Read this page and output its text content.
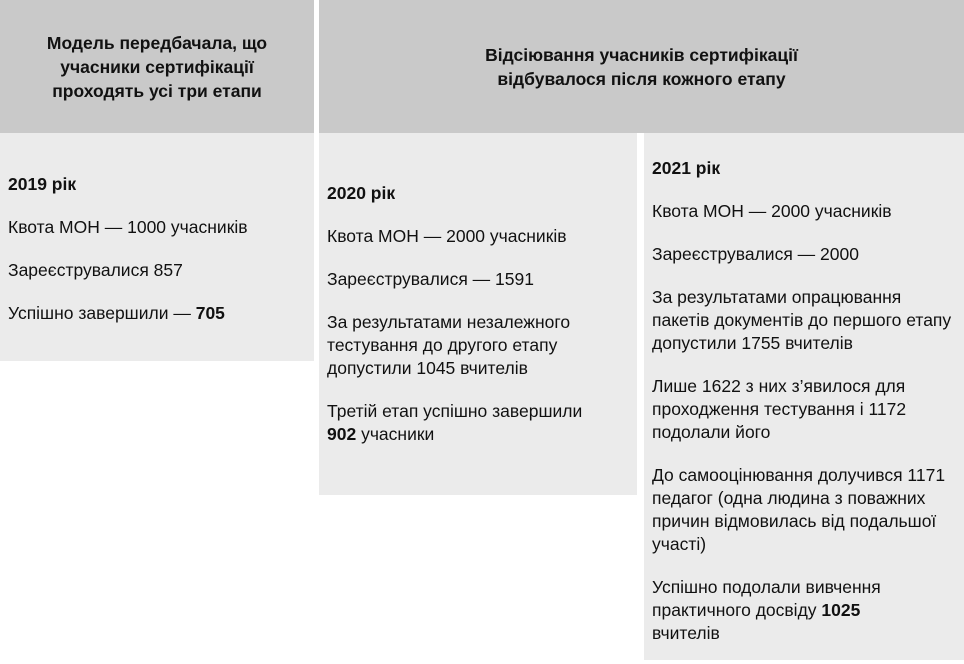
Модель передбачала, що учасники сертифікації проходять усі три етапи
Відсіювання учасників сертифікації відбувалося після кожного етапу

2019 рік

Квота МОН — 1000 учасників

Зареєструвалися 857

Успішно завершили — 705

2020 рік

Квота МОН — 2000 учасників

Зареєструвалися — 1591

За результатами незалежного тестування до другого етапу допустили 1045 вчителів

Третій етап успішно завершили
902 учасники

2021 рік

Квота МОН — 2000 учасників

Зареєструвалися — 2000

За результатами опрацювання пакетів документів до першого етапу допустили 1755 вчителів

Лише 1622 з них з’явилося для проходження тестування і 1172 подолали його

До самооцінювання долучився 1171 педагог (одна людина з поважних причин відмовилась від подальшої участі)

Успішно подолали вивчення практичного досвіду 1025
вчителів
